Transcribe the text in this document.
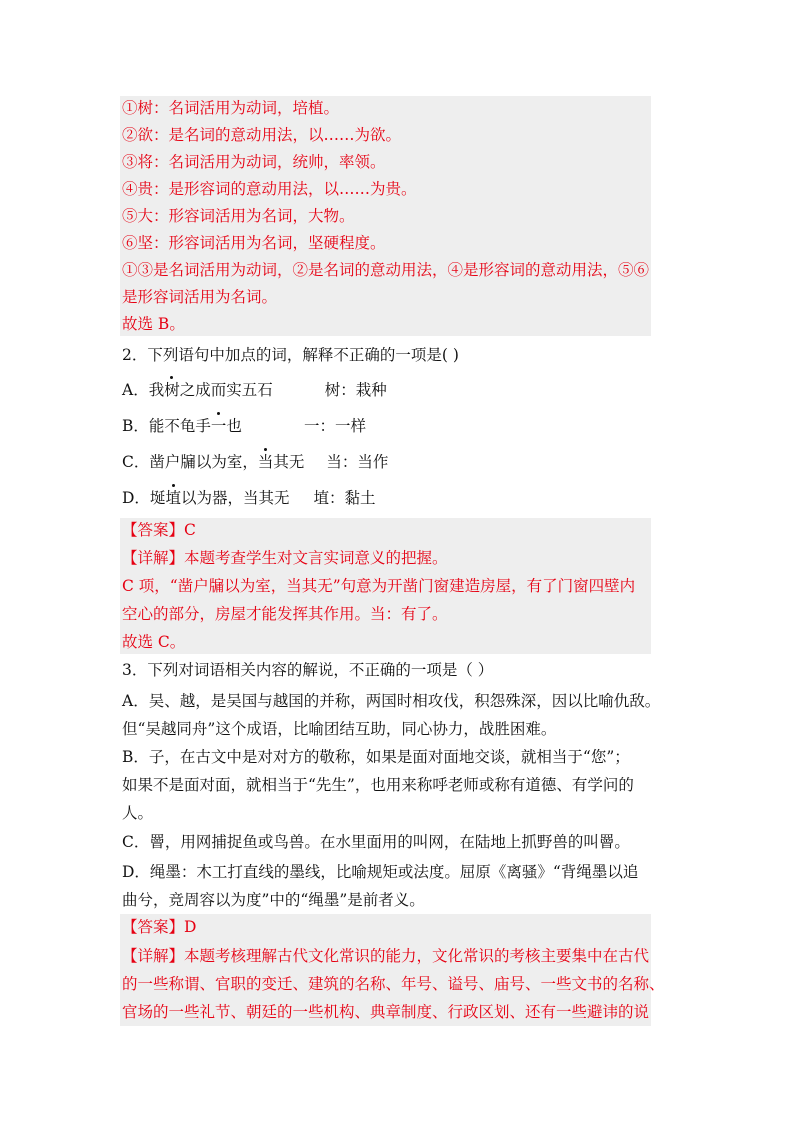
①树：名词活用为动词，培植。
②欲：是名词的意动用法，以……为欲。
③将：名词活用为动词，统帅，率领。
④贵：是形容词的意动用法，以……为贵。
⑤大：形容词活用为名词，大物。
⑥坚：形容词活用为名词，坚硬程度。
①③是名词活用为动词，②是名词的意动用法，④是形容词的意动用法，⑤⑥
是形容词活用为名词。
故选 B。
2．下列语句中加点的词，解释不正确的一项是( )
A．我树之成而实五石	树：栽种
B．能不龟手一也	一：一样
C．凿户牖以为室，当其无 当：当作
D．埏埴以为器，当其无 埴：黏土
【答案】C
【详解】本题考查学生对文言实词意义的把握。
C 项，“凿户牖以为室，当其无”句意为开凿门窗建造房屋，有了门窗四壁内
空心的部分，房屋才能发挥其作用。当：有了。
故选 C。
3．下列对词语相关内容的解说，不正确的一项是（ ）
A．吴、越，是吴国与越国的并称，两国时相攻伐，积怨殊深，因以比喻仇敌。
但“吴越同舟”这个成语，比喻团结互助，同心协力，战胜困难。
B．子，在古文中是对对方的敬称，如果是面对面地交谈，就相当于“您”；
如果不是面对面，就相当于“先生”，也用来称呼老师或称有道德、有学问的
人。
C．罾，用网捕捉鱼或鸟兽。在水里面用的叫网，在陆地上抓野兽的叫罾。
D．绳墨：木工打直线的墨线，比喻规矩或法度。屈原《离骚》“背绳墨以追
曲兮，竞周容以为度”中的“绳墨”是前者义。
【答案】D
【详解】本题考核理解古代文化常识的能力，文化常识的考核主要集中在古代
的一些称谓、官职的变迁、建筑的名称、年号、谥号、庙号、一些文书的名称、
官场的一些礼节、朝廷的一些机构、典章制度、行政区划、还有一些避讳的说
